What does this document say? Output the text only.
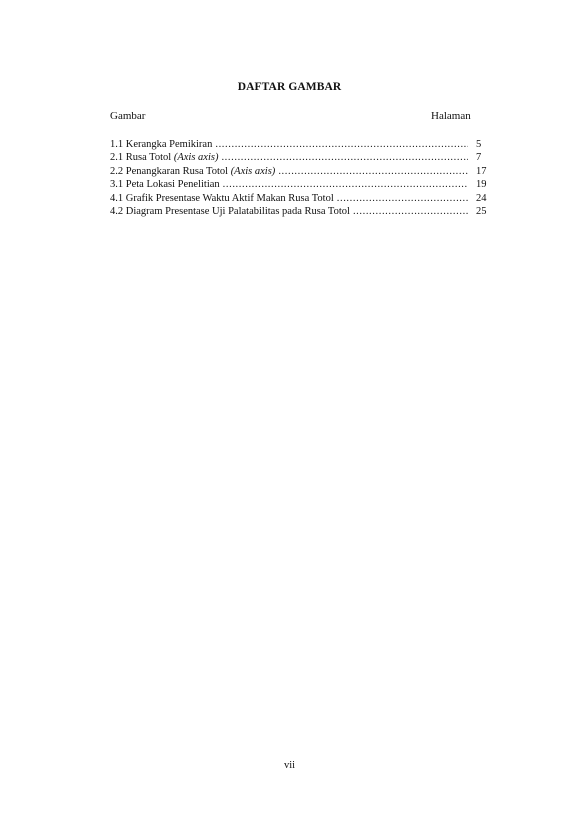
DAFTAR GAMBAR
Gambar	Halaman
1.1 Kerangka Pemikiran .....	5
2.1 Rusa Totol (Axis axis) .....	7
2.2 Penangkaran Rusa Totol (Axis axis) .....	17
3.1 Peta Lokasi Penelitian .....	19
4.1 Grafik Presentase Waktu Aktif Makan Rusa Totol .....	24
4.2 Diagram Presentase Uji Palatabilitas pada Rusa Totol .....	25
vii
